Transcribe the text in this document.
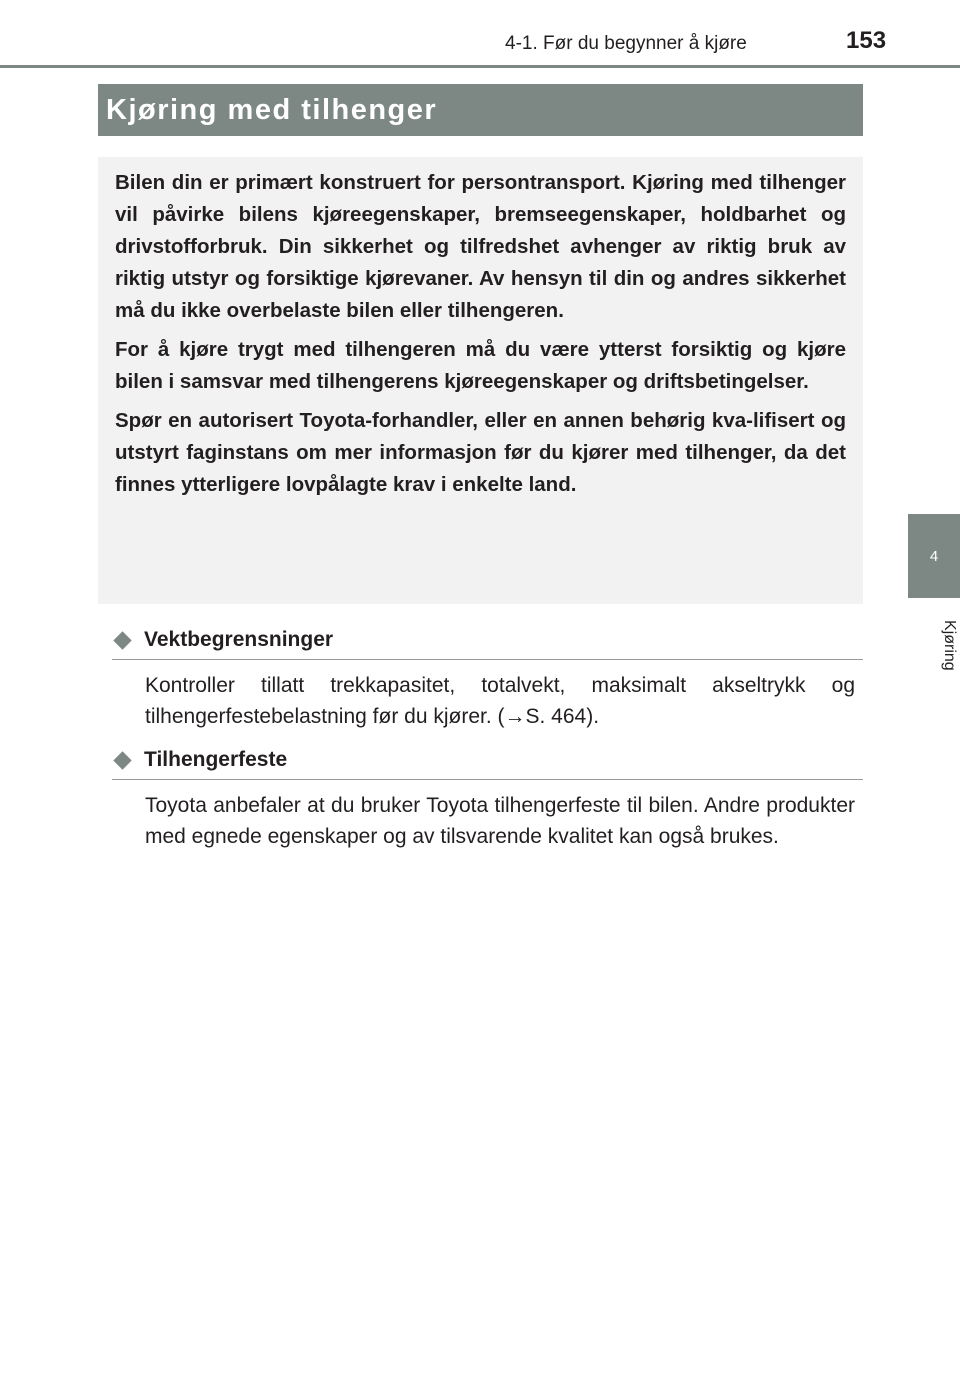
4-1. Før du begynner å kjøre	153
4
Kjøring
Kjøring med tilhenger

Bilen din er primært konstruert for persontransport. Kjøring med tilhenger vil påvirke bilens kjøreegenskaper, bremseegenskaper, holdbarhet og drivstofforbruk. Din sikkerhet og tilfredshet avhenger av riktig bruk av riktig utstyr og forsiktige kjørevaner. Av hensyn til din og andres sikkerhet må du ikke overbelaste bilen eller tilhengeren.

For å kjøre trygt med tilhengeren må du være ytterst forsiktig og kjøre bilen i samsvar med tilhengerens kjøreegenskaper og driftsbetingelser.

Spør en autorisert Toyota-forhandler, eller en annen behørig kva-lifisert og utstyrt faginstans om mer informasjon før du kjører med tilhenger, da det finnes ytterligere lovpålagte krav i enkelte land.

Vektbegrensninger
Kontroller tillatt trekkapasitet, totalvekt, maksimalt akseltrykk og tilhengerfestebelastning før du kjører. (→S. 464).
Tilhengerfeste
Toyota anbefaler at du bruker Toyota tilhengerfeste til bilen. Andre produkter med egnede egenskaper og av tilsvarende kvalitet kan også brukes.
